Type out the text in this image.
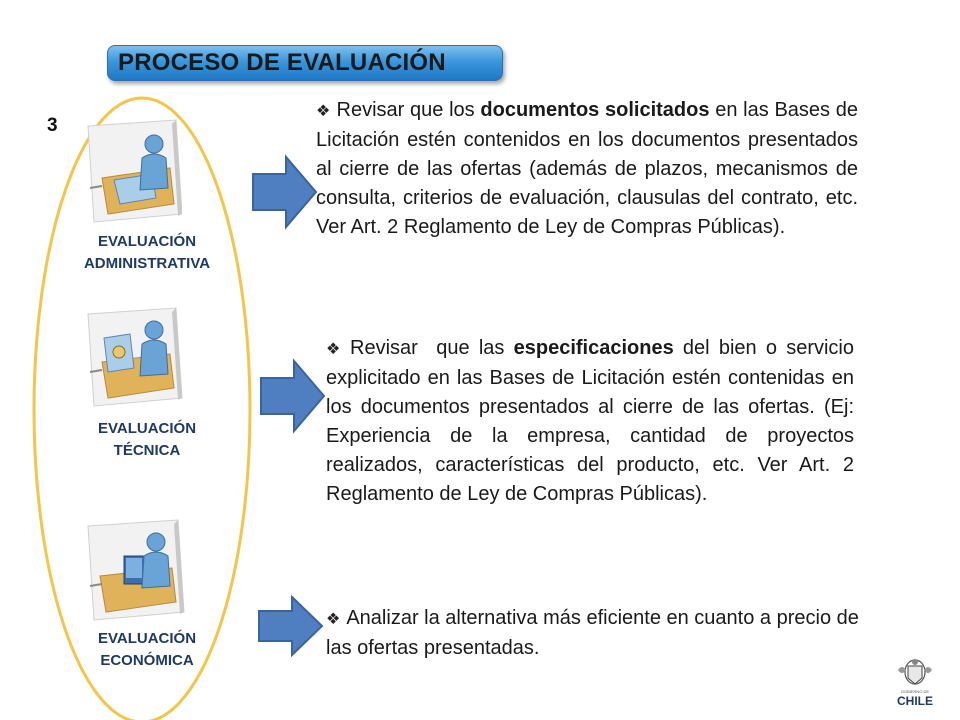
PROCESO DE EVALUACIÓN
3
EVALUACIÓN
ADMINISTRATIVA
EVALUACIÓN
TÉCNICA
EVALUACIÓN
ECONÓMICA
❖ Revisar que los documentos solicitados en las Bases de Licitación estén contenidos en los documentos presentados al cierre de las ofertas (además de plazos, mecanismos de consulta, criterios de evaluación, clausulas del contrato, etc. Ver Art. 2 Reglamento de Ley de Compras Públicas).
❖ Revisar  que las especificaciones del bien o servicio explicitado en las Bases de Licitación estén contenidas en los documentos presentados al cierre de las ofertas. (Ej: Experiencia de la empresa, cantidad de proyectos realizados, características del producto, etc. Ver Art. 2 Reglamento de Ley de Compras Públicas).
❖ Analizar la alternativa más eficiente en cuanto a precio de las ofertas presentadas.
GOBIERNO DE
CHILE
